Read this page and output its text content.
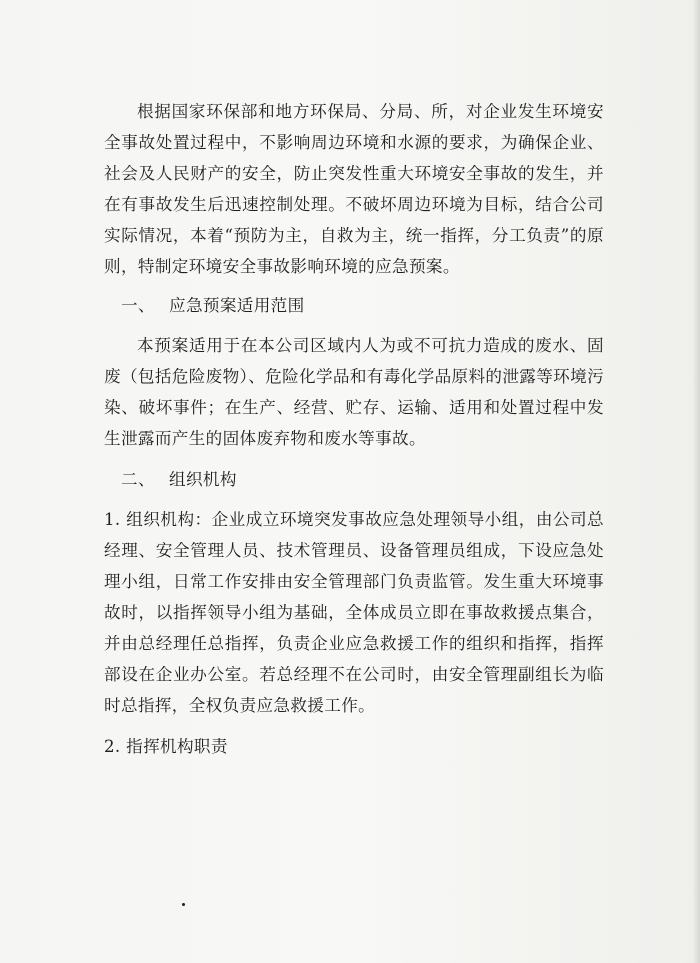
根据国家环保部和地方环保局、分局、所，对企业发生环境安全事故处置过程中，不影响周边环境和水源的要求，为确保企业、社会及人民财产的安全，防止突发性重大环境安全事故的发生，并在有事故发生后迅速控制处理。不破坏周边环境为目标，结合公司实际情况，本着“预防为主，自救为主，统一指挥，分工负责”的原则，特制定环境安全事故影响环境的应急预案。

一、 应急预案适用范围

本预案适用于在本公司区域内人为或不可抗力造成的废水、固废（包括危险废物）、危险化学品和有毒化学品原料的泄露等环境污染、破坏事件；在生产、经营、贮存、运输、适用和处置过程中发生泄露而产生的固体废弃物和废水等事故。

二、 组织机构

1. 组织机构：企业成立环境突发事故应急处理领导小组，由公司总经理、安全管理人员、技术管理员、设备管理员组成，下设应急处理小组，日常工作安排由安全管理部门负责监管。发生重大环境事故时，以指挥领导小组为基础，全体成员立即在事故救援点集合，并由总经理任总指挥，负责企业应急救援工作的组织和指挥，指挥部设在企业办公室。若总经理不在公司时，由安全管理副组长为临时总指挥，全权负责应急救援工作。

2. 指挥机构职责
